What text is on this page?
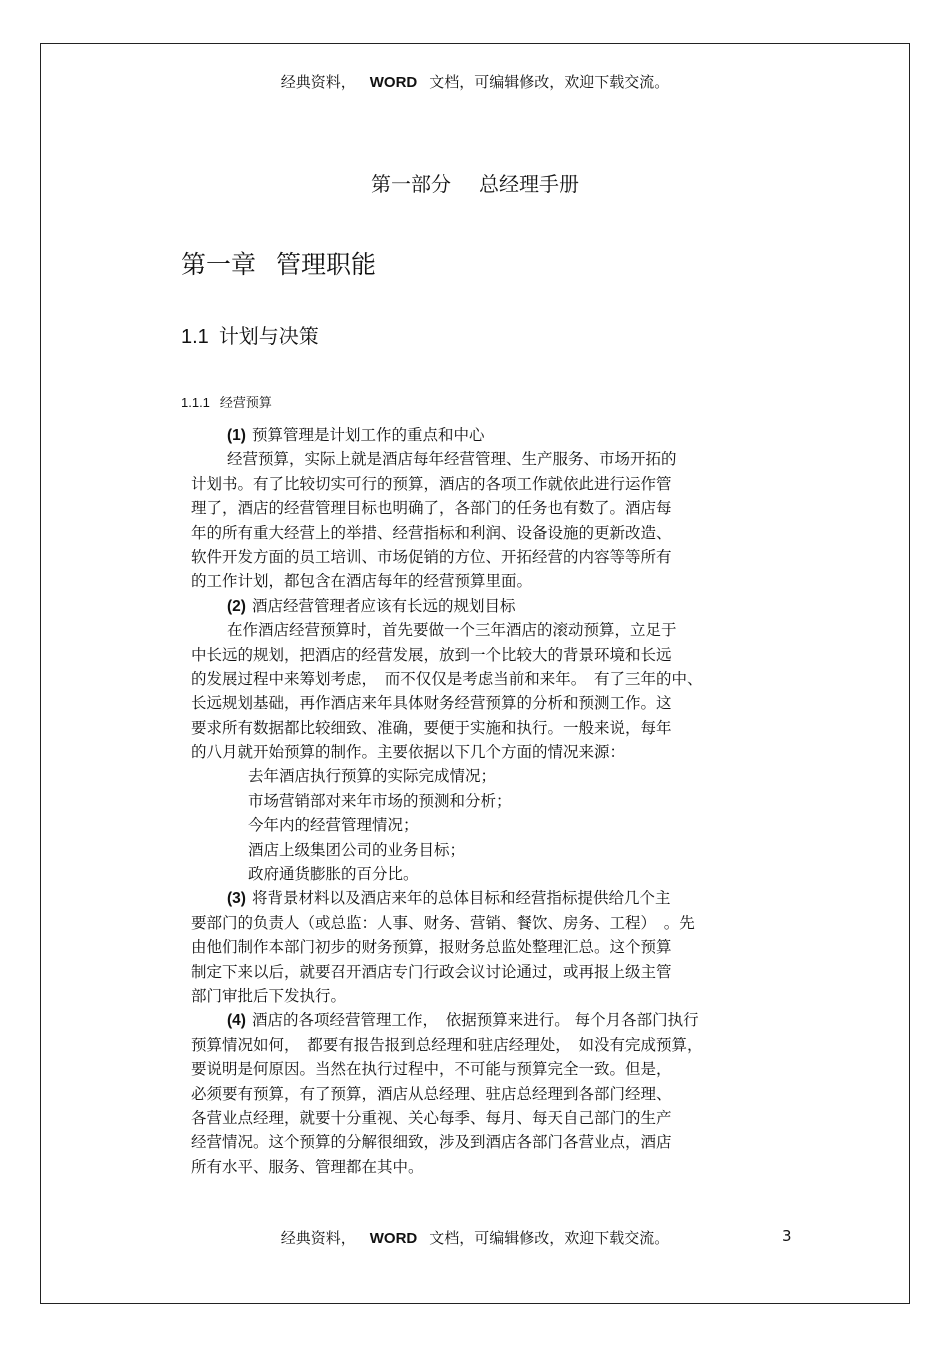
经典资料， WORD 文档，可编辑修改，欢迎下载交流。
第一部分 总经理手册
第一章 管理职能
1.1 计划与决策
1.1.1 经营预算
(1) 预算管理是计划工作的重点和中心
经营预算，实际上就是酒店每年经营管理、生产服务、市场开拓的
计划书。有了比较切实可行的预算，酒店的各项工作就依此进行运作管
理了，酒店的经营管理目标也明确了，各部门的任务也有数了。酒店每
年的所有重大经营上的举措、经营指标和利润、设备设施的更新改造、
软件开发方面的员工培训、市场促销的方位、开拓经营的内容等等所有
的工作计划，都包含在酒店每年的经营预算里面。
(2) 酒店经营管理者应该有长远的规划目标
在作酒店经营预算时，首先要做一个三年酒店的滚动预算，立足于
中长远的规划，把酒店的经营发展，放到一个比较大的背景环境和长远
的发展过程中来筹划考虑，　而不仅仅是考虑当前和来年。　有了三年的中、
长远规划基础，再作酒店来年具体财务经营预算的分析和预测工作。这
要求所有数据都比较细致、准确，要便于实施和执行。一般来说，每年
的八月就开始预算的制作。主要依据以下几个方面的情况来源：
去年酒店执行预算的实际完成情况；
市场营销部对来年市场的预测和分析；
今年内的经营管理情况；
酒店上级集团公司的业务目标；
政府通货膨胀的百分比。
(3) 将背景材料以及酒店来年的总体目标和经营指标提供给几个主
要部门的负责人（或总监：人事、财务、营销、餐饮、房务、工程）　。先
由他们制作本部门初步的财务预算，报财务总监处整理汇总。这个预算
制定下来以后，就要召开酒店专门行政会议讨论通过，或再报上级主管
部门审批后下发执行。
(4) 酒店的各项经营管理工作，　依据预算来进行。 每个月各部门执行
预算情况如何，　都要有报告报到总经理和驻店经理处，　如没有完成预算，
要说明是何原因。当然在执行过程中，不可能与预算完全一致。但是，
必须要有预算，有了预算，酒店从总经理、驻店总经理到各部门经理、
各营业点经理，就要十分重视、关心每季、每月、每天自己部门的生产
经营情况。这个预算的分解很细致，涉及到酒店各部门各营业点，酒店
所有水平、服务、管理都在其中。
经典资料， WORD 文档，可编辑修改，欢迎下载交流。	3
